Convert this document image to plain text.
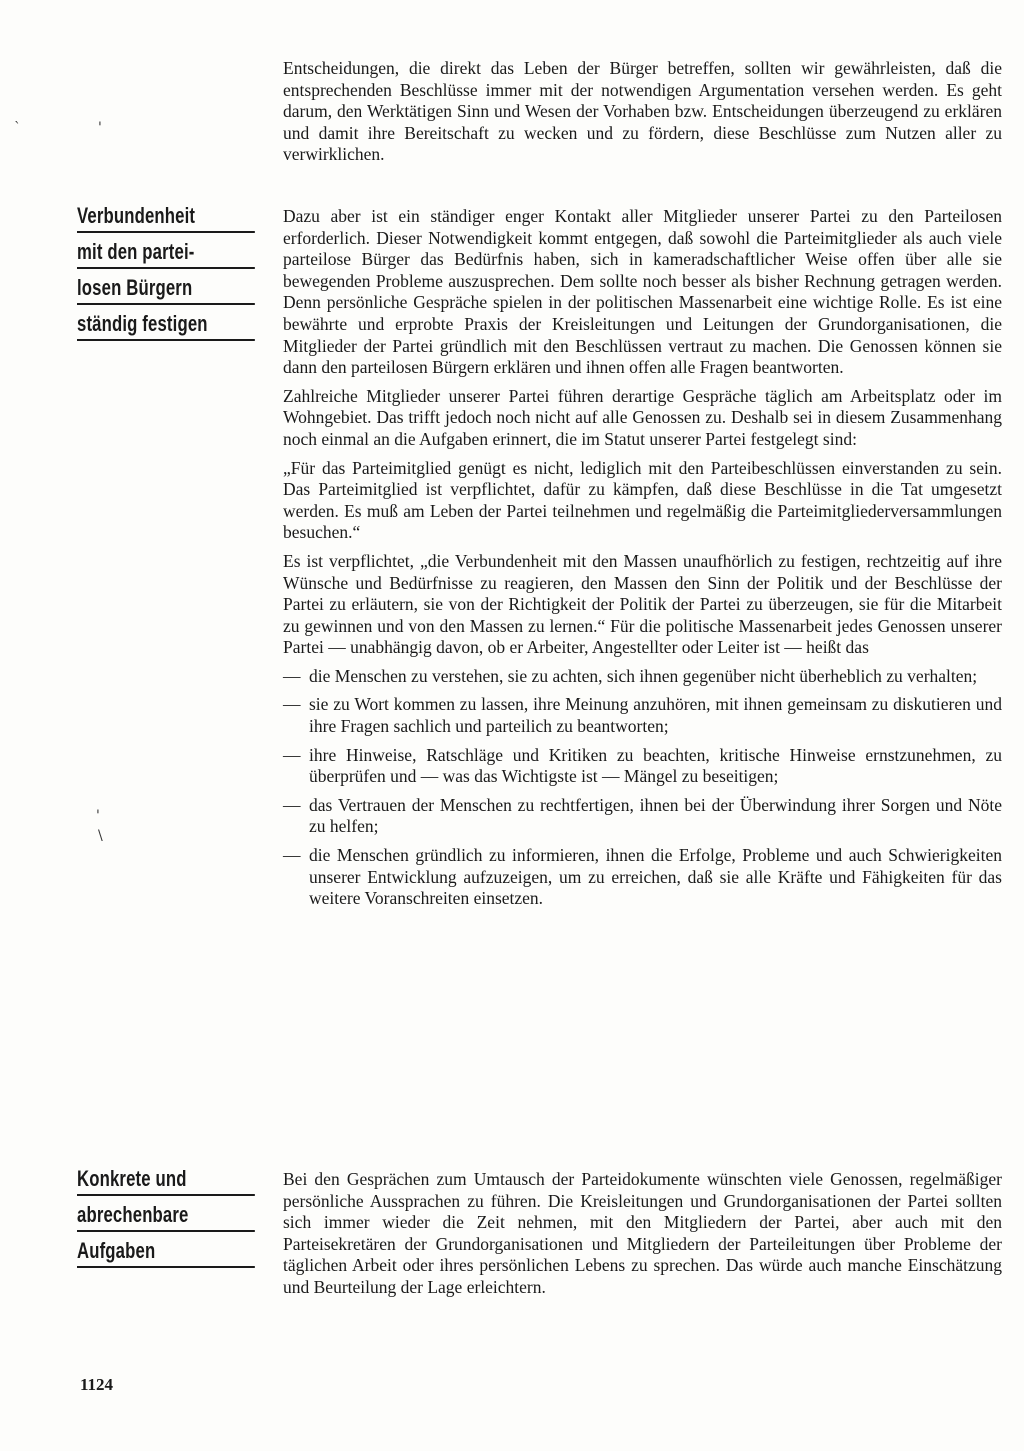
`	'
'
\

Entscheidungen, die direkt das Leben der Bürger betreffen, sollten wir gewährleisten, daß die entsprechenden Beschlüsse immer mit der notwendigen Argumentation versehen werden. Es geht darum, den Werktätigen Sinn und Wesen der Vorhaben bzw. Entscheidungen überzeugend zu erklären und damit ihre Bereitschaft zu wecken und zu fördern, diese Beschlüsse zum Nutzen aller zu verwirklichen.

Verbundenheit
mit den partei-
losen Bürgern
ständig festigen

Dazu aber ist ein ständiger enger Kontakt aller Mitglieder unserer Partei zu den Parteilosen erforderlich. Dieser Notwendigkeit kommt entgegen, daß sowohl die Parteimitglieder als auch viele parteilose Bürger das Bedürfnis haben, sich in kameradschaftlicher Weise offen über alle sie bewegenden Probleme auszusprechen. Dem sollte noch besser als bisher Rechnung getragen werden. Denn persönliche Gespräche spielen in der politischen Massenarbeit eine wichtige Rolle. Es ist eine bewährte und erprobte Praxis der Kreisleitungen und Leitungen der Grundorganisationen, die Mitglieder der Partei gründlich mit den Beschlüssen vertraut zu machen. Die Genossen können sie dann den parteilosen Bürgern erklären und ihnen offen alle Fragen beantworten.

Zahlreiche Mitglieder unserer Partei führen derartige Gespräche täglich am Arbeitsplatz oder im Wohngebiet. Das trifft jedoch noch nicht auf alle Genossen zu. Deshalb sei in diesem Zusammenhang noch einmal an die Aufgaben erinnert, die im Statut unserer Partei festgelegt sind:

„Für das Parteimitglied genügt es nicht, lediglich mit den Parteibeschlüssen einverstanden zu sein. Das Parteimitglied ist verpflichtet, dafür zu kämpfen, daß diese Beschlüsse in die Tat umgesetzt werden. Es muß am Leben der Partei teilnehmen und regelmäßig die Parteimitgliederversammlungen besuchen.“

Es ist verpflichtet, „die Verbundenheit mit den Massen unaufhörlich zu festigen, rechtzeitig auf ihre Wünsche und Bedürfnisse zu reagieren, den Massen den Sinn der Politik und der Beschlüsse der Partei zu erläutern, sie von der Richtigkeit der Politik der Partei zu überzeugen, sie für die Mitarbeit zu gewinnen und von den Massen zu lernen.“ Für die politische Massenarbeit jedes Genossen unserer Partei — unabhängig davon, ob er Arbeiter, Angestellter oder Leiter ist — heißt das

— die Menschen zu verstehen, sie zu achten, sich ihnen gegenüber nicht überheblich zu verhalten;
— sie zu Wort kommen zu lassen, ihre Meinung anzuhören, mit ihnen gemeinsam zu diskutieren und ihre Fragen sachlich und parteilich zu beantworten;
— ihre Hinweise, Ratschläge und Kritiken zu beachten, kritische Hinweise ernstzunehmen, zu überprüfen und — was das Wichtigste ist — Mängel zu beseitigen;
— das Vertrauen der Menschen zu rechtfertigen, ihnen bei der Überwindung ihrer Sorgen und Nöte zu helfen;
— die Menschen gründlich zu informieren, ihnen die Erfolge, Probleme und auch Schwierigkeiten unserer Entwicklung aufzuzeigen, um zu erreichen, daß sie alle Kräfte und Fähigkeiten für das weitere Voranschreiten einsetzen.
Konkrete und
abrechenbare
Aufgaben

Bei den Gesprächen zum Umtausch der Parteidokumente wünschten viele Genossen, regelmäßiger persönliche Aussprachen zu führen. Die Kreisleitungen und Grundorganisationen der Partei sollten sich immer wieder die Zeit nehmen, mit den Mitgliedern der Partei, aber auch mit den Parteisekretären der Grundorganisationen und Mitgliedern der Parteileitungen über Probleme der täglichen Arbeit oder ihres persönlichen Lebens zu sprechen. Das würde auch manche Einschätzung und Beurteilung der Lage erleichtern.

1124
